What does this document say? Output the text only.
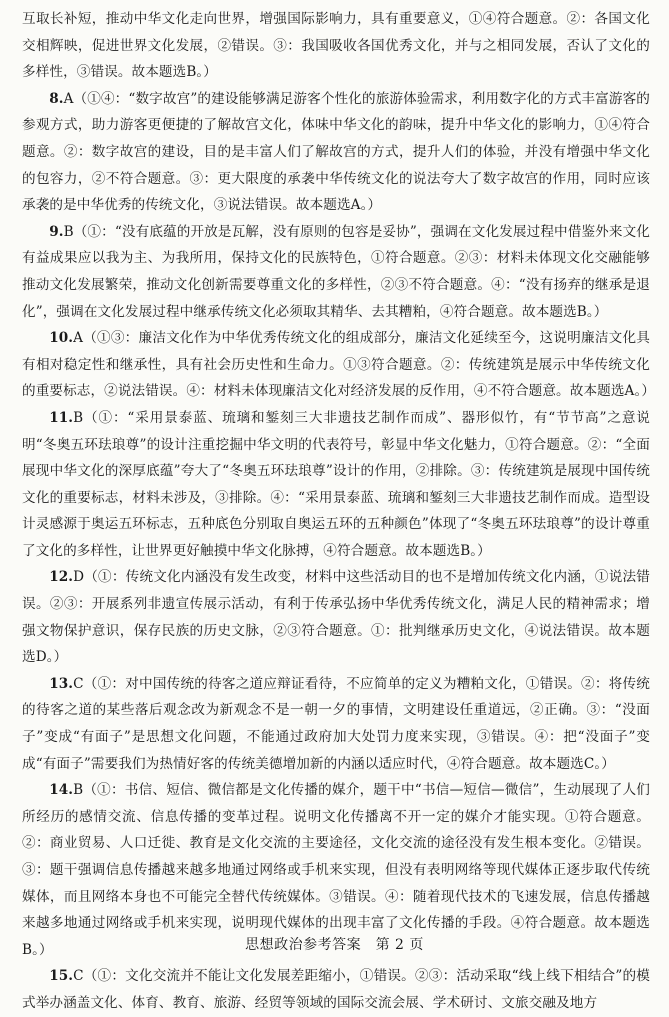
互取长补短，推动中华文化走向世界，增强国际影响力，具有重要意义，①④符合题意。②：各国文化交相辉映，促进世界文化发展，②错误。③：我国吸收各国优秀文化，并与之相同发展，否认了文化的多样性，③错误。故本题选B。）

8.A（①④：“数字故宫”的建设能够满足游客个性化的旅游体验需求，利用数字化的方式丰富游客的参观方式，助力游客更便捷的了解故宫文化，体味中华文化的韵味，提升中华文化的影响力，①④符合题意。②：数字故宫的建设，目的是丰富人们了解故宫的方式，提升人们的体验，并没有增强中华文化的包容力，②不符合题意。③：更大限度的承袭中华传统文化的说法夸大了数字故宫的作用，同时应该承袭的是中华优秀的传统文化，③说法错误。故本题选A。）

9.B（①：“没有底蕴的开放是瓦解，没有原则的包容是妥协”，强调在文化发展过程中借鉴外来文化有益成果应以我为主、为我所用，保持文化的民族特色，①符合题意。②③：材料未体现文化交融能够推动文化发展繁荣，推动文化创新需要尊重文化的多样性，②③不符合题意。④：“没有扬弃的继承是退化”，强调在文化发展过程中继承传统文化必须取其精华、去其糟粕，④符合题意。故本题选B。）

10.A（①③：廉洁文化作为中华优秀传统文化的组成部分，廉洁文化延续至今，这说明廉洁文化具有相对稳定性和继承性，具有社会历史性和生命力。①③符合题意。②：传统建筑是展示中华传统文化的重要标志，②说法错误。④：材料未体现廉洁文化对经济发展的反作用，④不符合题意。故本题选A。）

11.B（①：“采用景泰蓝、琉璃和錾刻三大非遗技艺制作而成”、器形似竹，有“节节高”之意说明“冬奥五环珐琅尊”的设计注重挖掘中华文明的代表符号，彰显中华文化魅力，①符合题意。②：“全面展现中华文化的深厚底蕴”夸大了“冬奥五环珐琅尊”设计的作用，②排除。③：传统建筑是展现中国传统文化的重要标志，材料未涉及，③排除。④：“采用景泰蓝、琉璃和錾刻三大非遗技艺制作而成。造型设计灵感源于奥运五环标志，五种底色分别取自奥运五环的五种颜色”体现了“冬奥五环珐琅尊”的设计尊重了文化的多样性，让世界更好触摸中华文化脉搏，④符合题意。故本题选B。）

12.D（①：传统文化内涵没有发生改变，材料中这些活动目的也不是增加传统文化内涵，①说法错误。②③：开展系列非遗宣传展示活动，有利于传承弘扬中华优秀传统文化，满足人民的精神需求；增强文物保护意识，保存民族的历史文脉，②③符合题意。①：批判继承历史文化，④说法错误。故本题选D。）

13.C（①：对中国传统的待客之道应辩证看待，不应简单的定义为糟粕文化，①错误。②：将传统的待客之道的某些落后观念改为新观念不是一朝一夕的事情，文明建设任重道远，②正确。③：“没面子”变成“有面子”是思想文化问题，不能通过政府加大处罚力度来实现，③错误。④：把“没面子”变成“有面子”需要我们为热情好客的传统美德增加新的内涵以适应时代，④符合题意。故本题选C。）

14.B（①：书信、短信、微信都是文化传播的媒介，题干中“书信—短信—微信”，生动展现了人们所经历的感情交流、信息传播的变革过程。说明文化传播离不开一定的媒介才能实现。①符合题意。②：商业贸易、人口迁徙、教育是文化交流的主要途径，文化交流的途径没有发生根本变化。②错误。③：题干强调信息传播越来越多地通过网络或手机来实现，但没有表明网络等现代媒体正逐步取代传统媒体，而且网络本身也不可能完全替代传统媒体。③错误。④：随着现代技术的飞速发展，信息传播越来越多地通过网络或手机来实现，说明现代媒体的出现丰富了文化传播的手段。④符合题意。故本题选B。）

15.C（①：文化交流并不能让文化发展差距缩小，①错误。②③：活动采取“线上线下相结合”的模式举办涵盖文化、体育、教育、旅游、经贸等领域的国际交流会展、学术研讨、文旅交融及地方

思想政治参考答案　第 2 页
